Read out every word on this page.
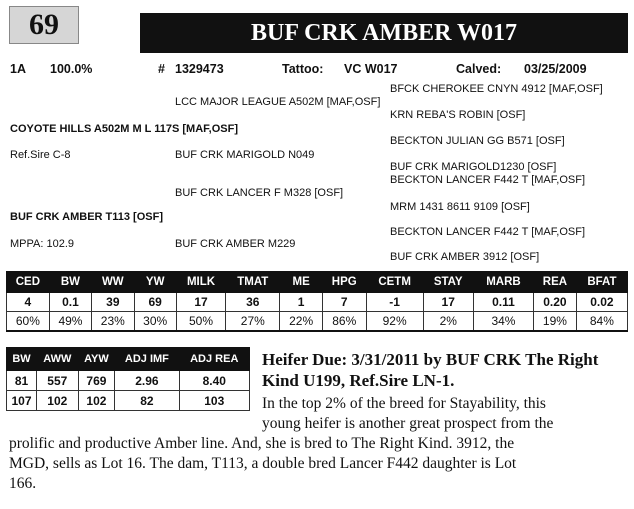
69	BUF CRK AMBER W017
1A 100.0%	# 1329473	Tattoo: VC W017	Calved: 03/25/2009
BFCK CHEROKEE CNYN 4912 [MAF,OSF]
LCC MAJOR LEAGUE A502M [MAF,OSF]
KRN REBA'S ROBIN [OSF]
COYOTE HILLS A502M M L 117S [MAF,OSF]
BECKTON JULIAN GG B571 [OSF]
Ref.Sire C-8	BUF CRK MARIGOLD N049
BUF CRK MARIGOLD1230 [OSF]
BECKTON LANCER F442 T [MAF,OSF]
BUF CRK LANCER F M328 [OSF]
MRM 1431 8611 9109 [OSF]
BUF CRK AMBER T113 [OSF]
BECKTON LANCER F442 T [MAF,OSF]
MPPA: 102.9	BUF CRK AMBER M229
BUF CRK AMBER 3912 [OSF]
CED	BW	WW	YW	MILK	TMAT	ME	HPG	CETM	STAY	MARB	REA	BFAT
4	0.1	39	69	17	36	1	7	-1	17	0.11	0.20	0.02
60%	49%	23%	30%	50%	27%	22%	86%	92%	2%	34%	19%	84%
BW	AWW	AYW	ADJ IMF	ADJ REA
81	557	769	2.96	8.40
107	102	102	82	103
Heifer Due: 3/31/2011 by BUF CRK The Right Kind U199, Ref.Sire LN-1.
In the top 2% of the breed for Stayability, this
young heifer is another great prospect from the
prolific and productive Amber line. And, she is bred to The Right Kind. 3912, the
MGD, sells as Lot 16. The dam, T113, a double bred Lancer F442 daughter is Lot
166.
